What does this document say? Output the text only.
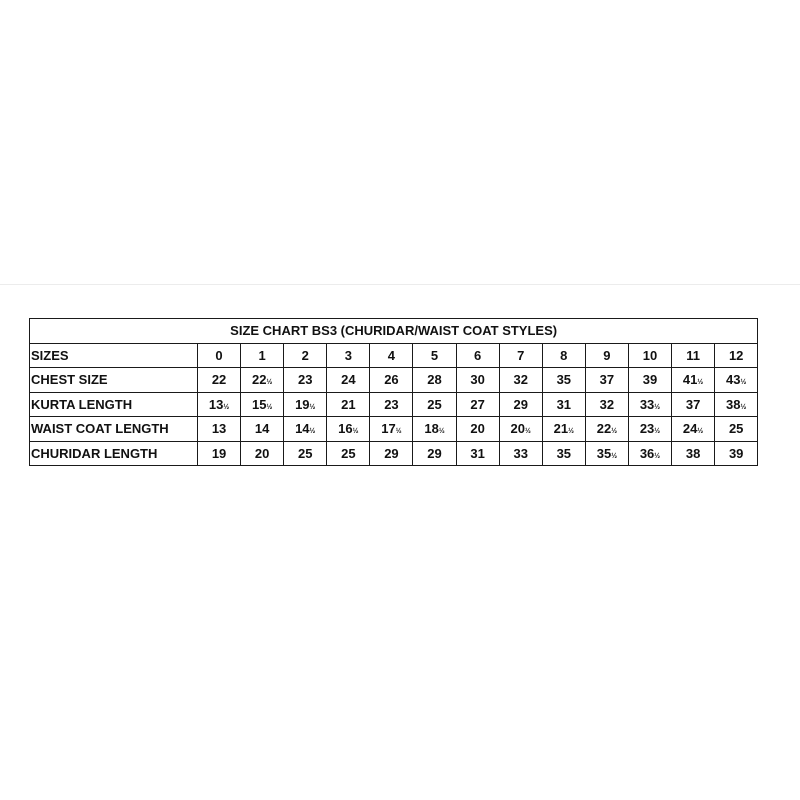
SIZE CHART BS3 (CHURIDAR/WAIST COAT STYLES)													
SIZES	0	1	2	3	4	5	6	7	8	9	10	11	12
CHEST SIZE	22	22½	23	24	26	28	30	32	35	37	39	41½	43½
KURTA LENGTH	13½	15½	19½	21	23	25	27	29	31	32	33½	37	38½
WAIST COAT LENGTH	13	14	14½	16½	17½	18½	20	20½	21½	22½	23½	24½	25
CHURIDAR LENGTH	19	20	25	25	29	29	31	33	35	35½	36½	38	39
